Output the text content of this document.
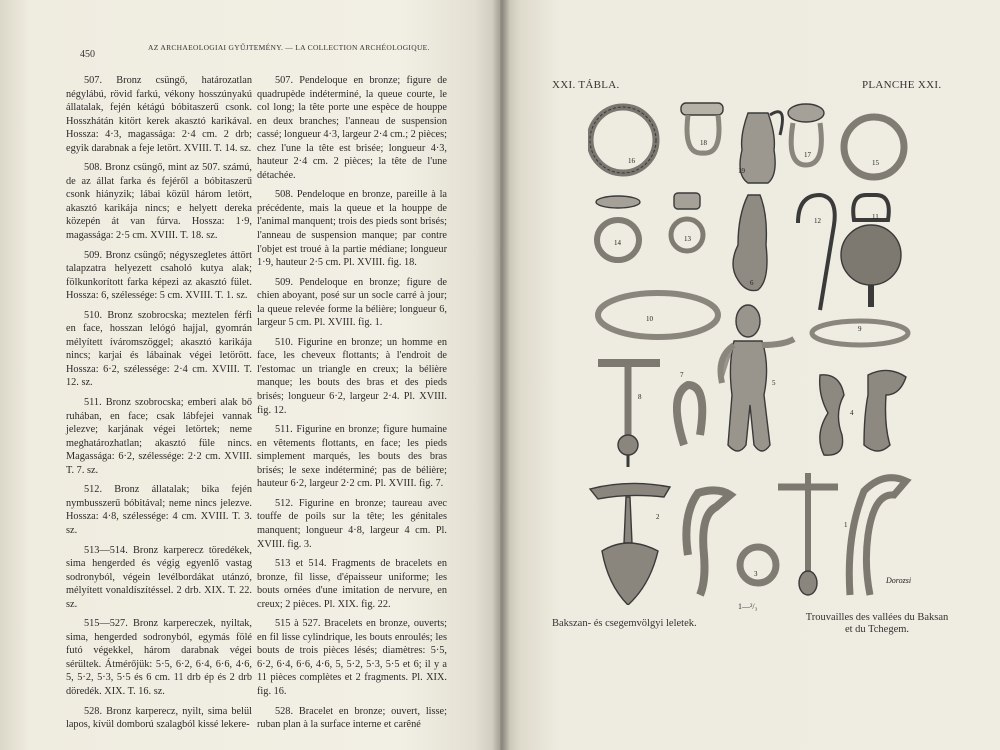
450
AZ ARCHAEOLOGIAI GYŰJTEMÉNY. — LA COLLECTION ARCHÉOLOGIQUE.

507. Bronz csüngő, határozatlan négylábú, rövid farkú, vékony hosszúnyakú állatalak, fején kétágú bóbitaszerű csonk. Hosszhátán kitört kerek akasztó karikával. Hossza: 4·3, magassága: 2·4 cm. 2 drb; egyik darabnak a feje letört. XVIII. T. 14. sz.

508. Bronz csüngő, mint az 507. számú, de az állat farka és fejéről a bóbitaszerű csonk hiányzik; lábai közül három letört, akasztó karikája nincs; e helyett dereka közepén át van fúrva. Hossza: 1·9, magassága: 2·5 cm. XVIII. T. 18. sz.

509. Bronz csüngő; négyszegletes áttört talapzatra helyezett csaholó kutya alak; fölkunkorított farka képezi az akasztó fület. Hossza: 6, szélessége: 5 cm. XVIII. T. 1. sz.

510. Bronz szobrocska; meztelen férfi en face, hosszan lelógó hajjal, gyomrán mélyített íváromszöggel; akasztó karikája nincs; karjai és lábainak végei letörött. Hossza: 6·2, szélessége: 2·4 cm. XVIII. T. 12. sz.

511. Bronz szobrocska; emberi alak bő ruhában, en face; csak lábfejei vannak jelezve; karjának végei letörtek; neme meghatározhatlan; akasztó füle nincs. Magassága: 6·2, szélessége: 2·2 cm. XVIII. T. 7. sz.

512. Bronz állatalak; bika fején nymbusszerű bóbitával; neme nincs jelezve. Hossza: 4·8, szélessége: 4 cm. XVIII. T. 3. sz.

513—514. Bronz karperecz töredékek, sima hengerded és végig egyenlő vastag sodronyból, végein levélbordákat utánzó, mélyített vonaldíszítéssel. 2 drb. XIX. T. 22. sz.

515—527. Bronz karpereczek, nyiltak, sima, hengerded sodronyból, egymás fölé futó végekkel, három darabnak végei sérültek. Átmérőjük: 5·5, 6·2, 6·4, 6·6, 4·6, 5, 5·2, 5·3, 5·5 és 6 cm. 11 drb ép és 2 drb döredék. XIX. T. 16. sz.

528. Bronz karperecz, nyilt, sima belül lapos, kívül domború szalagból kissé lekere-

507. Pendeloque en bronze; figure de quadrupède indéterminé, la queue courte, le col long; la tête porte une espèce de houppe en deux branches; l'anneau de suspension cassé; longueur 4·3, largeur 2·4 cm.; 2 pièces; chez l'une la tête est brisée; longueur 4·3, hauteur 2·4 cm. 2 pièces; la tête de l'une détachée.

508. Pendeloque en bronze, pareille à la précédente, mais la queue et la houppe de l'animal manquent; trois des pieds sont brisés; l'anneau de suspension manque; par contre l'objet est troué à la partie médiane; longueur 1·9, hauteur 2·5 cm. Pl. XVIII. fig. 18.

509. Pendeloque en bronze; figure de chien aboyant, posé sur un socle carré à jour; la queue relevée forme la bélière; longueur 6, largeur 5 cm. Pl. XVIII. fig. 1.

510. Figurine en bronze; un homme en face, les cheveux flottants; à l'endroit de l'estomac un triangle en creux; la bélière manque; les bouts des bras et des pieds brisés; longueur 6·2, largeur 2·4. Pl. XVIII. fig. 12.

511. Figurine en bronze; figure humaine en vêtements flottants, en face; les pieds simplement marqués, les bouts des bras brisés; le sexe indéterminé; pas de bélière; hauteur 6·2, largeur 2·2 cm. Pl. XVIII. fig. 7.

512. Figurine en bronze; taureau avec touffe de poils sur la tête; les génitales manquent; longueur 4·8, largeur 4 cm. Pl. XVIII. fig. 3.

513 et 514. Fragments de bracelets en bronze, fil lisse, d'épaisseur uniforme; les bouts ornées d'une imitation de nervure, en creux; 2 pièces. Pl. XIX. fig. 22.

515 à 527. Bracelets en bronze, ouverts; en fil lisse cylindrique, les bouts enroulés; les bouts de trois pièces lésés; diamètres: 5·5, 6·2, 6·4, 6·6, 4·6, 5, 5·2, 5·3, 5·5 et 6; il y a 11 pièces complètes et 2 fragments. Pl. XIX. fig. 16.

528. Bracelet en bronze; ouvert, lisse; ruban plan à la surface interne et carêné

XXI. TÁBLA.	PLANCHE XXI.
16
18
19
17
15
14	13
6
12	11
10
9
8
7
5
4
2
3
1
Dorozsi
1—²/₃
Bakszan- és csegemvölgyi leletek.
Trouvailles des vallées du Baksan et du Tchegem.
